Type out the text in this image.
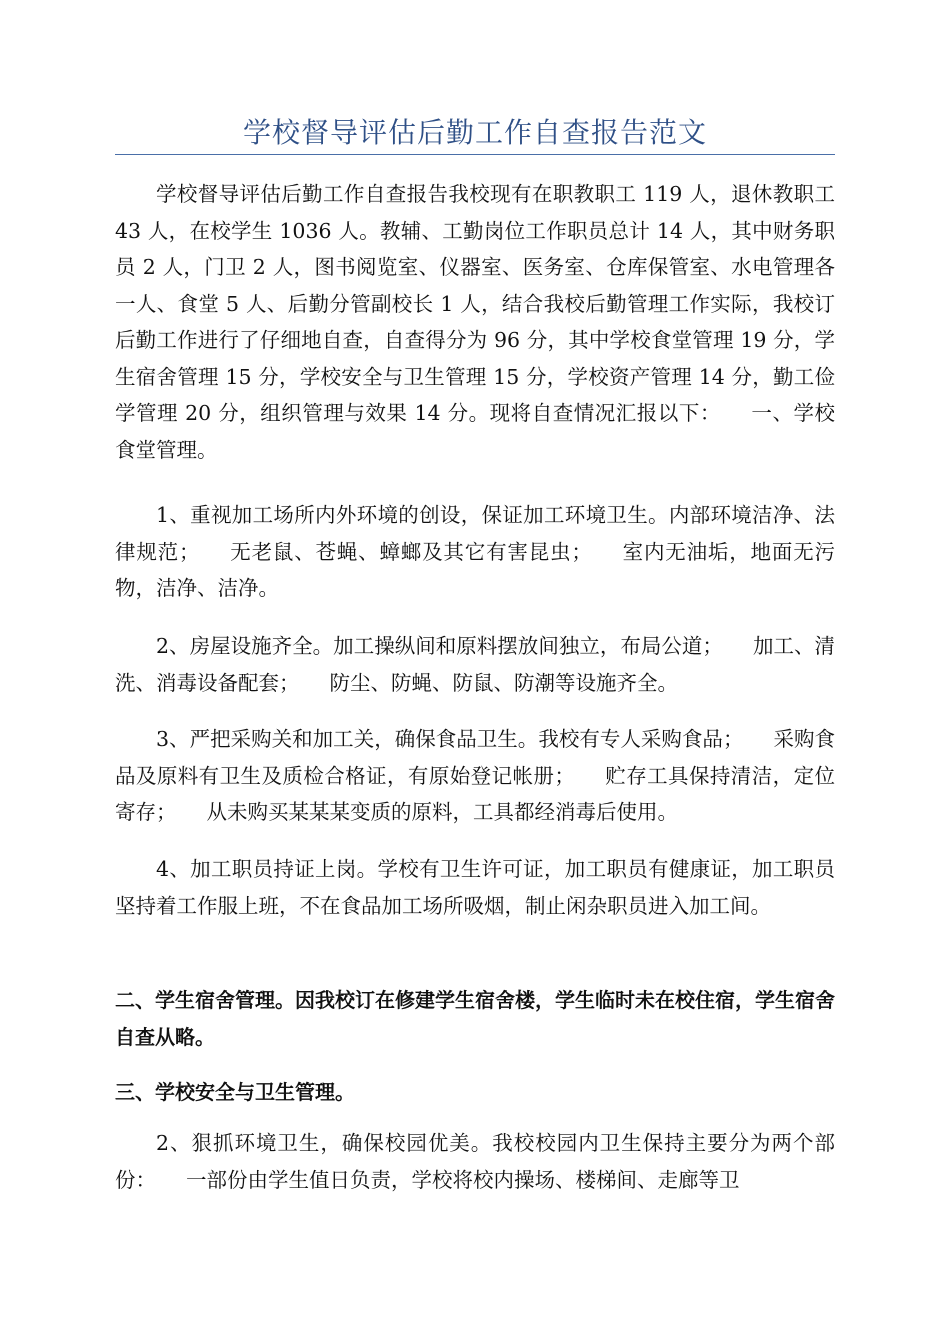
学校督导评估后勤工作自查报告范文

学校督导评估后勤工作自查报告我校现有在职教职工 119 人，退休教职工 43 人，在校学生 1036 人。教辅、工勤岗位工作职员总计 14 人，其中财务职员 2 人，门卫 2 人，图书阅览室、仪器室、医务室、仓库保管室、水电管理各一人、食堂 5 人、后勤分管副校长 1 人，结合我校后勤管理工作实际，我校订后勤工作进行了仔细地自查，自查得分为 96 分，其中学校食堂管理 19 分，学生宿舍管理 15 分，学校安全与卫生管理 15 分，学校资产管理 14 分，勤工俭学管理 20 分，组织管理与效果 14 分。现将自查情况汇报以下： 一、学校食堂管理。

1、重视加工场所内外环境的创设，保证加工环境卫生。内部环境洁净、法律规范； 无老鼠、苍蝇、蟑螂及其它有害昆虫； 室内无油垢，地面无污物，洁净、洁净。

2、房屋设施齐全。加工操纵间和原料摆放间独立，布局公道； 加工、清洗、消毒设备配套； 防尘、防蝇、防鼠、防潮等设施齐全。

3、严把采购关和加工关，确保食品卫生。我校有专人采购食品； 采购食品及原料有卫生及质检合格证，有原始登记帐册； 贮存工具保持清洁，定位寄存； 从未购买某某某变质的原料，工具都经消毒后使用。

4、加工职员持证上岗。学校有卫生许可证，加工职员有健康证，加工职员坚持着工作服上班，不在食品加工场所吸烟，制止闲杂职员进入加工间。

二、学生宿舍管理。因我校订在修建学生宿舍楼，学生临时未在校住宿，学生宿舍自查从略。

三、学校安全与卫生管理。

2、狠抓环境卫生，确保校园优美。我校校园内卫生保持主要分为两个部份： 一部份由学生值日负责，学校将校内操场、楼梯间、走廊等卫
